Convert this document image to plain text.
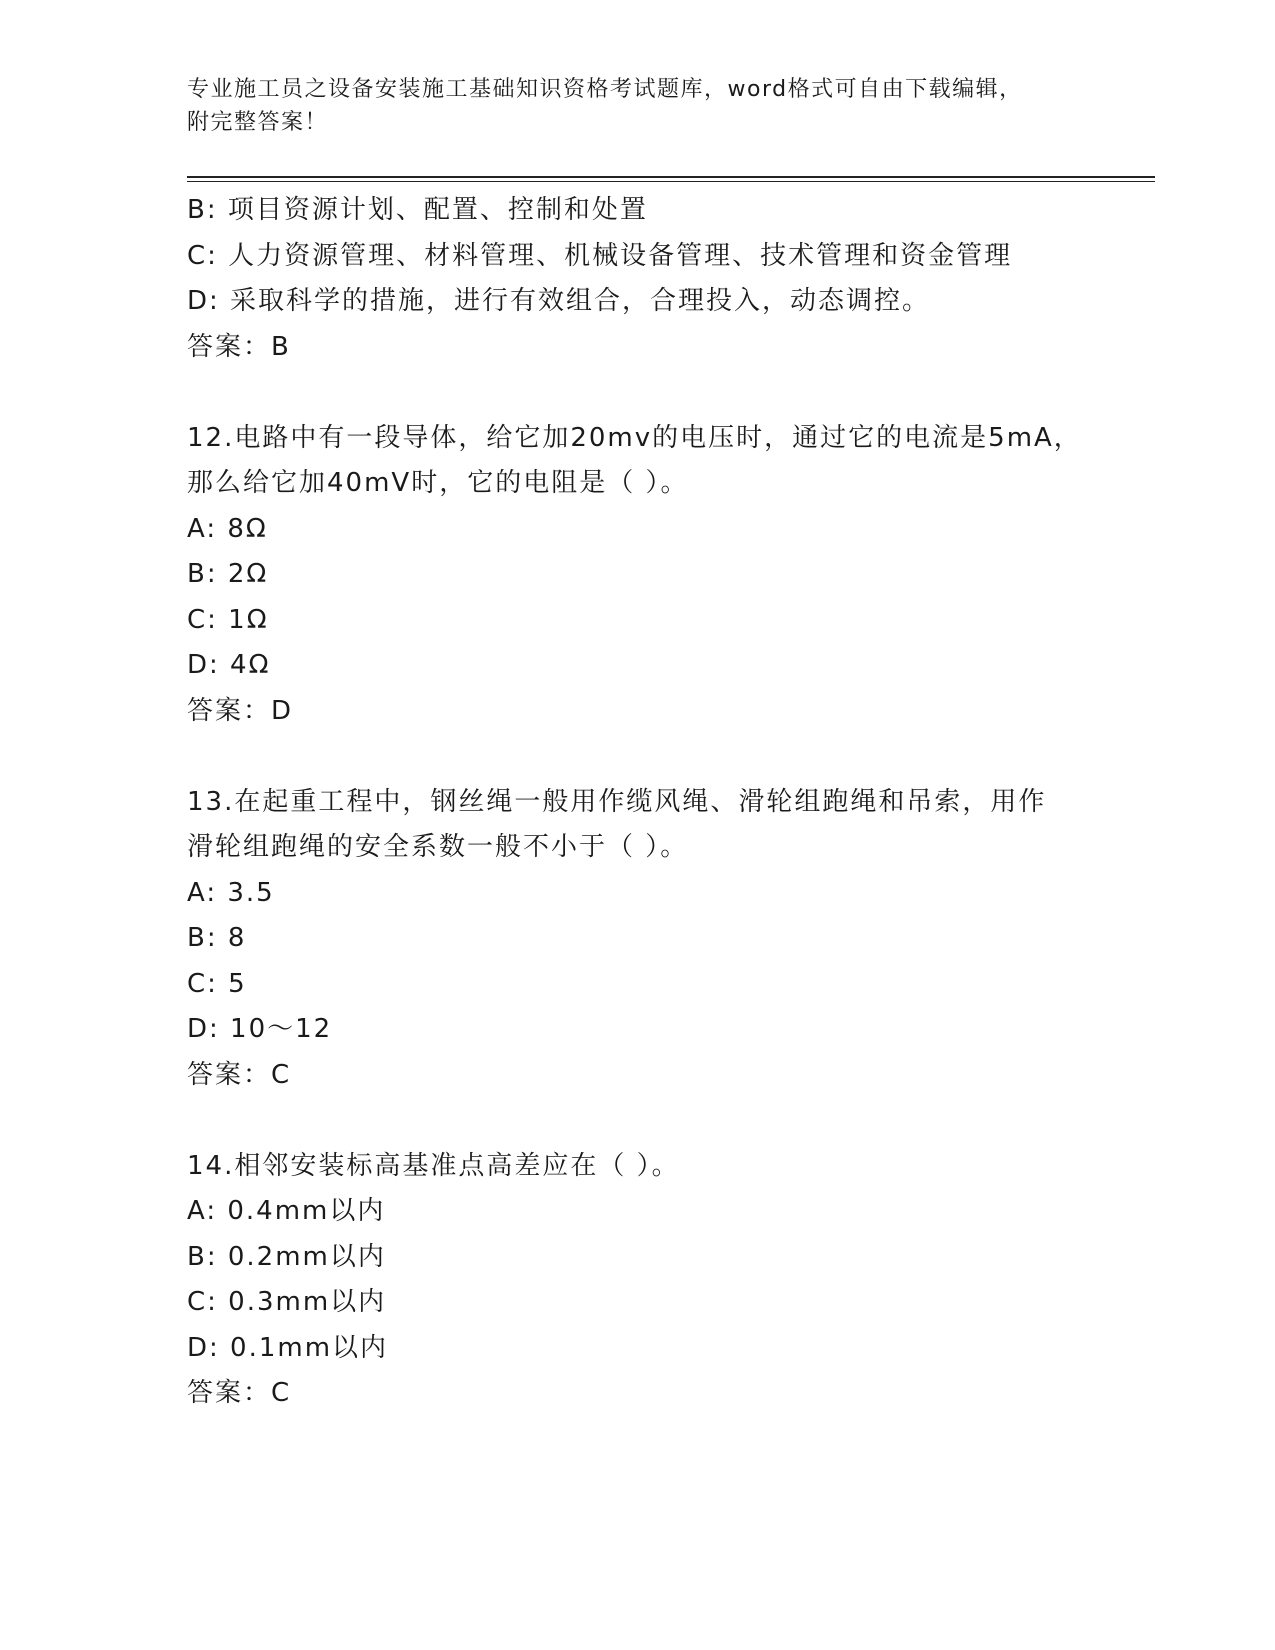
专业施工员之设备安装施工基础知识资格考试题库，word格式可自由下载编辑，
附完整答案！
B: 项目资源计划、配置、控制和处置
C: 人力资源管理、材料管理、机械设备管理、技术管理和资金管理
D: 采取科学的措施，进行有效组合，合理投入，动态调控。
答案：B
12.电路中有一段导体，给它加20mv的电压时，通过它的电流是5mA，
那么给它加40mV时，它的电阻是（ ）。
A: 8Ω
B: 2Ω
C: 1Ω
D: 4Ω
答案：D
13.在起重工程中，钢丝绳一般用作缆风绳、滑轮组跑绳和吊索，用作
滑轮组跑绳的安全系数一般不小于（ ）。
A: 3.5
B: 8
C: 5
D: 10～12
答案：C
14.相邻安装标高基准点高差应在（ ）。
A: 0.4mm以内
B: 0.2mm以内
C: 0.3mm以内
D: 0.1mm以内
答案：C
